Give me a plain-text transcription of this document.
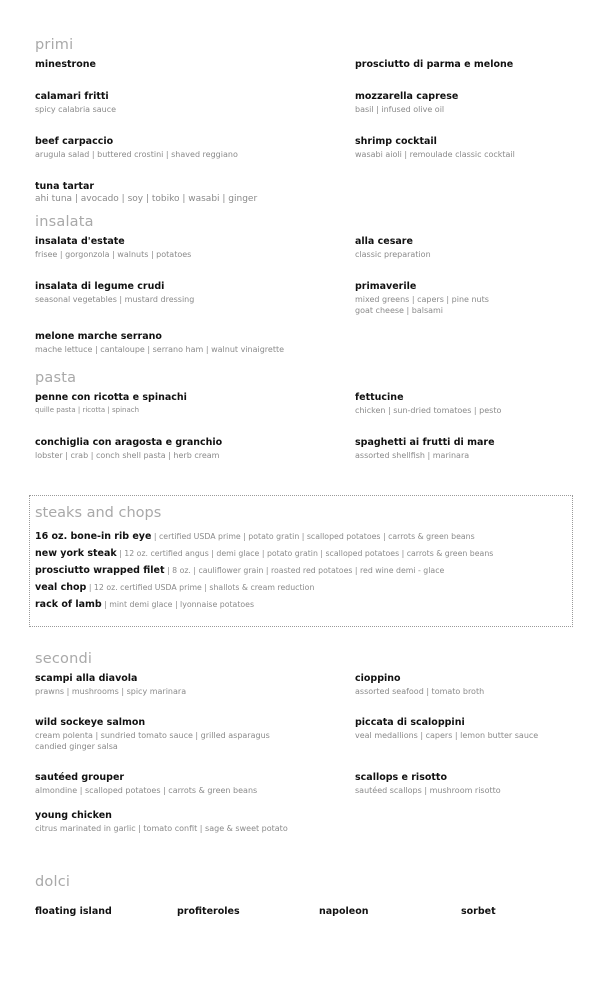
primi
minestrone	prosciutto di parma e melone
calamari fritti
spicy calabria sauce
mozzarella caprese
basil | infused olive oil
beef carpaccio
arugula salad | buttered crostini | shaved reggiano
shrimp cocktail
wasabi aioli | remoulade classic cocktail
tuna tartar
ahi tuna | avocado | soy | tobiko | wasabi | ginger
insalata
insalata d'estate
frisee | gorgonzola | walnuts | potatoes
alla cesare
classic preparation
insalata di legume crudi
seasonal vegetables | mustard dressing
primaverile
mixed greens | capers | pine nuts
goat cheese | balsami
melone marche serrano
mache lettuce | cantaloupe | serrano ham | walnut vinaigrette
pasta
penne con ricotta e spinachi
quille pasta | ricotta | spinach
fettucine
chicken | sun-dried tomatoes | pesto
conchiglia con aragosta e granchio
lobster | crab | conch shell pasta | herb cream
spaghetti ai frutti di mare
assorted shellfish | marinara
steaks and chops
16 oz. bone-in rib eye | certified USDA prime | potato gratin | scalloped potatoes | carrots & green beans
new york steak | 12 oz. certified angus | demi glace | potato gratin | scalloped potatoes | carrots & green beans
prosciutto wrapped filet | 8 oz. | cauliflower grain | roasted red potatoes | red wine demi - glace
veal chop | 12 oz. certified USDA prime | shallots & cream reduction
rack of lamb | mint demi glace | lyonnaise potatoes
secondi
scampi alla diavola
prawns | mushrooms | spicy marinara
cioppino
assorted seafood | tomato broth
wild sockeye salmon
cream polenta | sundried tomato sauce | grilled asparagus
candied ginger salsa
piccata di scaloppini
veal medallions | capers | lemon butter sauce
sautéed grouper
almondine | scalloped potatoes | carrots & green beans
scallops e risotto
sautéed scallops | mushroom risotto
young chicken
citrus marinated in garlic | tomato confit | sage & sweet potato
dolci
floating island	profiteroles	napoleon	sorbet
